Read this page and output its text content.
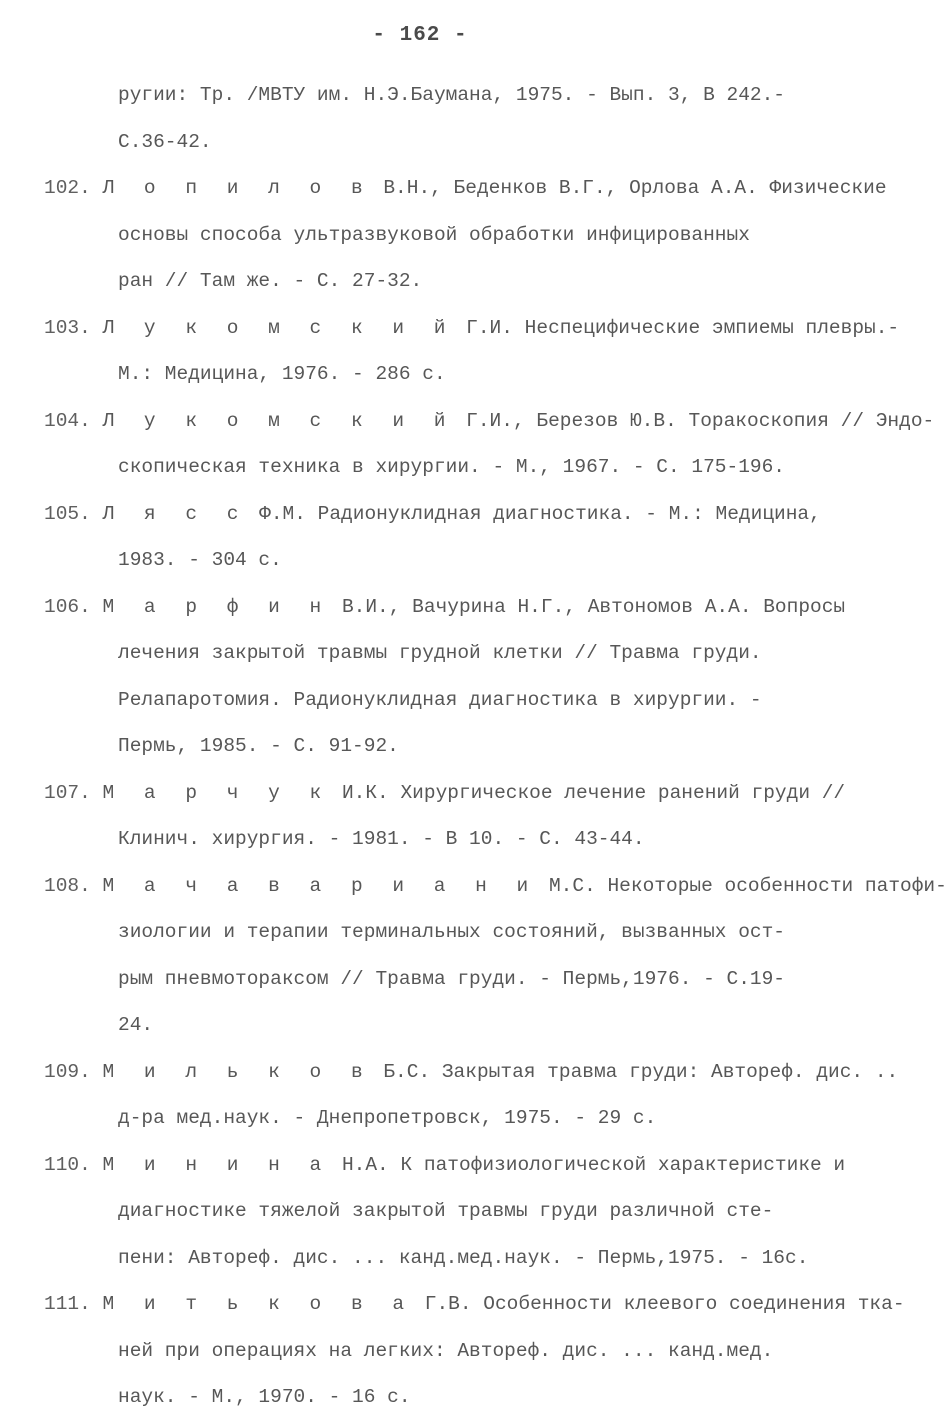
- 162 -
ругии: Тр. /МВТУ им. Н.Э.Баумана, 1975. - Вып. 3, В 242.-
С.36-42.
102. Л о п и л о в В.Н., Беденков В.Г., Орлова А.А. Физические
основы способа ультразвуковой обработки инфицированных
ран // Там же. - С. 27-32.
103. Л у к о м с к и й Г.И. Неспецифические эмпиемы плевры.-
М.: Медицина, 1976. - 286 с.
104. Л у к о м с к и й Г.И., Березов Ю.В. Торакоскопия // Эндо-
скопическая техника в хирургии. - М., 1967. - С. 175-196.
105. Л я с с Ф.М. Радионуклидная диагностика. - М.: Медицина,
1983. - 304 с.
106. М а р ф и н В.И., Вачурина Н.Г., Автономов А.А. Вопросы
лечения закрытой травмы грудной клетки // Травма груди.
Релапаротомия. Радионуклидная диагностика в хирургии. -
Пермь, 1985. - С. 91-92.
107. М а р ч у к И.К. Хирургическое лечение ранений груди //
Клинич. хирургия. - 1981. - В 10. - С. 43-44.
108. М а ч а в а р и а н и М.С. Некоторые особенности патофи-
зиологии и терапии терминальных состояний, вызванных ост-
рым пневмотораксом // Травма груди. - Пермь,1976. - С.19-
24.
109. М и л ь к о в Б.С. Закрытая травма груди: Автореф. дис. ..
д-ра мед.наук. - Днепропетровск, 1975. - 29 с.
110. М и н и н а Н.А. К патофизиологической характеристике и
диагностике тяжелой закрытой травмы груди различной сте-
пени: Автореф. дис. ... канд.мед.наук. - Пермь,1975. - 16с.
111. М и т ь к о в а Г.В. Особенности клеевого соединения тка-
ней при операциях на легких: Автореф. дис. ... канд.мед.
наук. - М., 1970. - 16 с.
